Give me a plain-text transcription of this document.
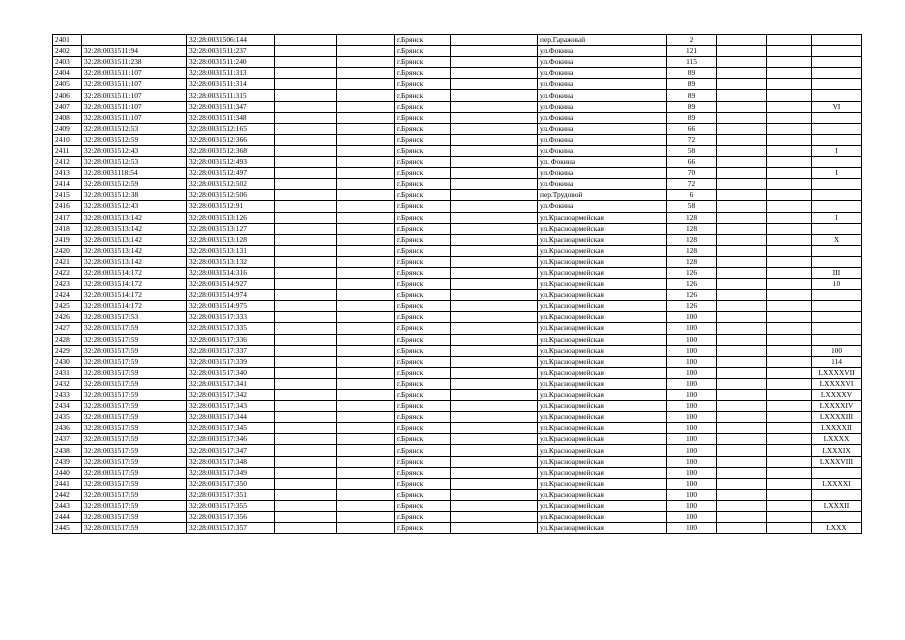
2401		32:28:0031506:144			г.Брянск		пер.Гаражный	2			
2402	32:28:0031511:94	32:28:0031511:237			г.Брянск		ул.Фокина	121			
2403	32:28:0031511:238	32:28:0031511:240			г.Брянск		ул.Фокина	115			
2404	32:28:0031511:107	32:28:0031511:313			г.Брянск		ул.Фокина	89			
2405	32:28:0031511:107	32:28:0031511:314			г.Брянск		ул.Фокина	89			
2406	32:28:0031511:107	32:28:0031511:315			г.Брянск		ул.Фокина	89			
2407	32:28:0031511:107	32:28:0031511:347			г.Брянск		ул.Фокина	89			VI
2408	32:28:0031511:107	32:28:0031511:348			г.Брянск		ул.Фокина	89			
2409	32:28:0031512:53	32:28:0031512:165			г.Брянск		ул.Фокина	66			
2410	32:28:0031512:59	32:28:0031512:366			г.Брянск		ул.Фокина	72			
2411	32:28:0031512:43	32:28:0031512:368			г.Брянск		ул.Фокина	58			I
2412	32:28:0031512:53	32:28:0031512:493			г.Брянск		ул. Фокина	66			
2413	32:28:0031118:54	32:28:0031512:497			г.Брянск		ул.Фокина	70			I
2414	32:28:0031512:59	32:28:0031512:502			г.Брянск		ул.Фокина	72			
2415	32:28:0031512:38	32:28:0031512:506			г.Брянск		пер.Трудовой	6			
2416	32:28:0031512:43	32:28:0031512:91			г.Брянск		ул.Фокина	58			
2417	32:28:0031513:142	32:28:0031513:126			г.Брянск		ул.Красноармейская	128			I
2418	32:28:0031513:142	32:28:0031513:127			г.Брянск		ул.Красноармейская	128			
2419	32:28:0031513:142	32:28:0031513:128			г.Брянск		ул.Красноармейская	128			X
2420	32:28:0031513:142	32:28:0031513:131			г.Брянск		ул.Красноармейская	128			
2421	32:28:0031513:142	32:28:0031513:132			г.Брянск		ул.Красноармейская	128			
2422	32:28:0031514:172	32:28:0031514:316			г.Брянск		ул.Красноармейская	126			III
2423	32:28:0031514:172	32:28:0031514:927			г.Брянск		ул.Красноармейская	126			10
2424	32:28:0031514:172	32:28:0031514:974			г.Брянск		ул.Красноармейская	126			
2425	32:28:0031514:172	32:28:0031514:975			г.Брянск		ул.Красноармейская	126			
2426	32:28:0031517:53	32:28:0031517:333			г.Брянск		ул.Красноармейская	100			
2427	32:28:0031517:59	32:28:0031517:335			г.Брянск		ул.Красноармейская	100			
2428	32:28:0031517:59	32:28:0031517:336			г.Брянск		ул.Красноармейская	100			
2429	32:28:0031517:59	32:28:0031517:337			г.Брянск		ул.Красноармейская	100			100
2430	32:28:0031517:59	32:28:0031517:339			г.Брянск		ул.Красноармейская	100			114
2431	32:28:0031517:59	32:28:0031517:340			г.Брянск		ул.Красноармейская	100			LXXXXVII
2432	32:28:0031517:59	32:28:0031517:341			г.Брянск		ул.Красноармейская	100			LXXXXVI
2433	32:28:0031517:59	32:28:0031517:342			г.Брянск		ул.Красноармейская	100			LXXXXV
2434	32:28:0031517:59	32:28:0031517:343			г.Брянск		ул.Красноармейская	100			LXXXXIV
2435	32:28:0031517:59	32:28:0031517:344			г.Брянск		ул.Красноармейская	100			LXXXXIII
2436	32:28:0031517:59	32:28:0031517:345			г.Брянск		ул.Красноармейская	100			LXXXXII
2437	32:28:0031517:59	32:28:0031517:346			г.Брянск		ул.Красноармейская	100			LXXXX
2438	32:28:0031517:59	32:28:0031517:347			г.Брянск		ул.Красноармейская	100			LXXXIX
2439	32:28:0031517:59	32:28:0031517:348			г.Брянск		ул.Красноармейская	100			LXXXVIII
2440	32:28:0031517:59	32:28:0031517:349			г.Брянск		ул.Красноармейская	100			
2441	32:28:0031517:59	32:28:0031517:350			г.Брянск		ул.Красноармейская	100			LXXXXI
2442	32:28:0031517:59	32:28:0031517:351			г.Брянск		ул.Красноармейская	100			
2443	32:28:0031517:59	32:28:0031517:355			г.Брянск		ул.Красноармейская	100			LXXXII
2444	32:28:0031517:59	32:28:0031517:356			г.Брянск		ул.Красноармейская	100			
2445	32:28:0031517:59	32:28:0031517:357			г.Брянск		ул.Красноармейская	100			LXXX
